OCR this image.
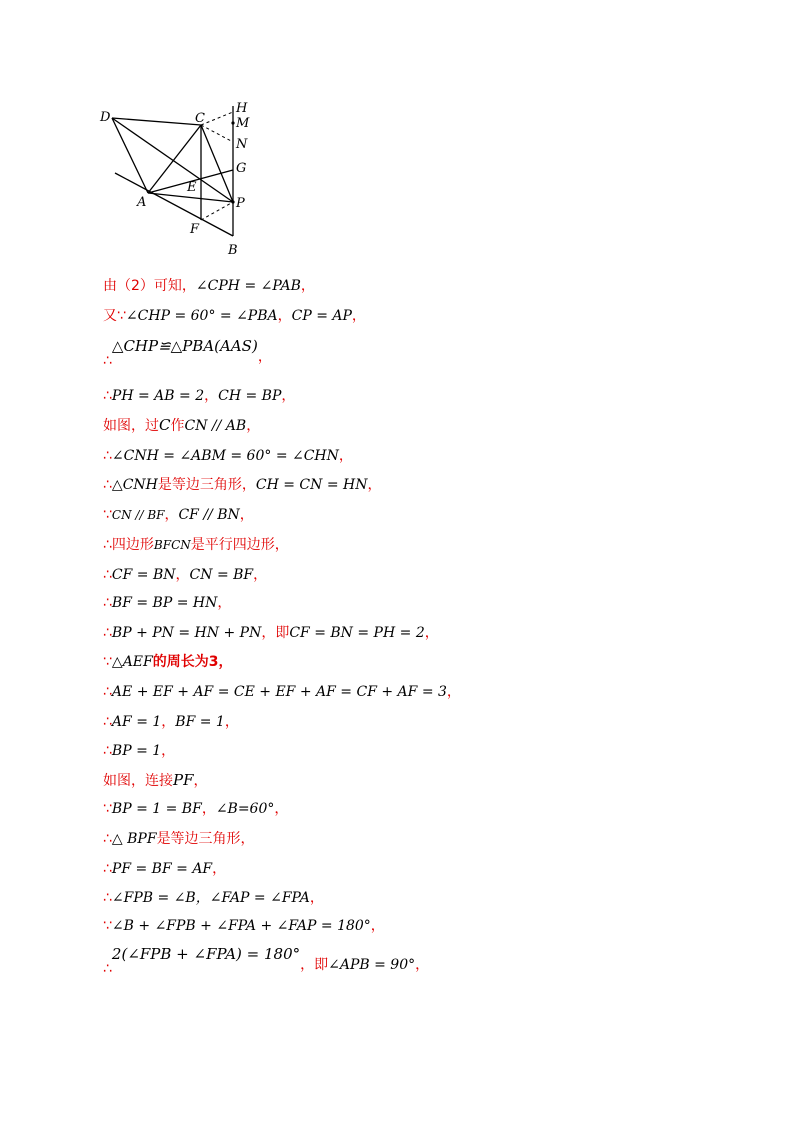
D	C
H
M
N
G
E
A	P
F
B
由（2）可知，∠CPH = ∠PAB，
又∵∠CHP = 60° = ∠PBA，CP = AP，
∴△CHP≌△PBA(AAS)，
∴PH = AB = 2，CH = BP，
如图，过C作CN // AB，
∴∠CNH = ∠ABM = 60° = ∠CHN，
∴△CNH是等边三角形，CH = CN = HN，
∵CN // BF，CF // BN，
∴四边形BFCN是平行四边形，
∴CF = BN，CN = BF，
∴BF = BP = HN，
∴BP + PN = HN + PN，即CF = BN = PH = 2，
∵△AEF的周长为3，
∴AE + EF + AF = CE + EF + AF = CF + AF = 3，
∴AF = 1，BF = 1，
∴BP = 1，
如图，连接PF，
∵BP = 1 = BF，∠B=60°，
∴△ BPF是等边三角形，
∴PF = BF = AF，
∴∠FPB = ∠B，∠FAP = ∠FPA，
∵∠B + ∠FPB + ∠FPA + ∠FAP = 180°，
∴2(∠FPB + ∠FPA) = 180°，即∠APB = 90°，
